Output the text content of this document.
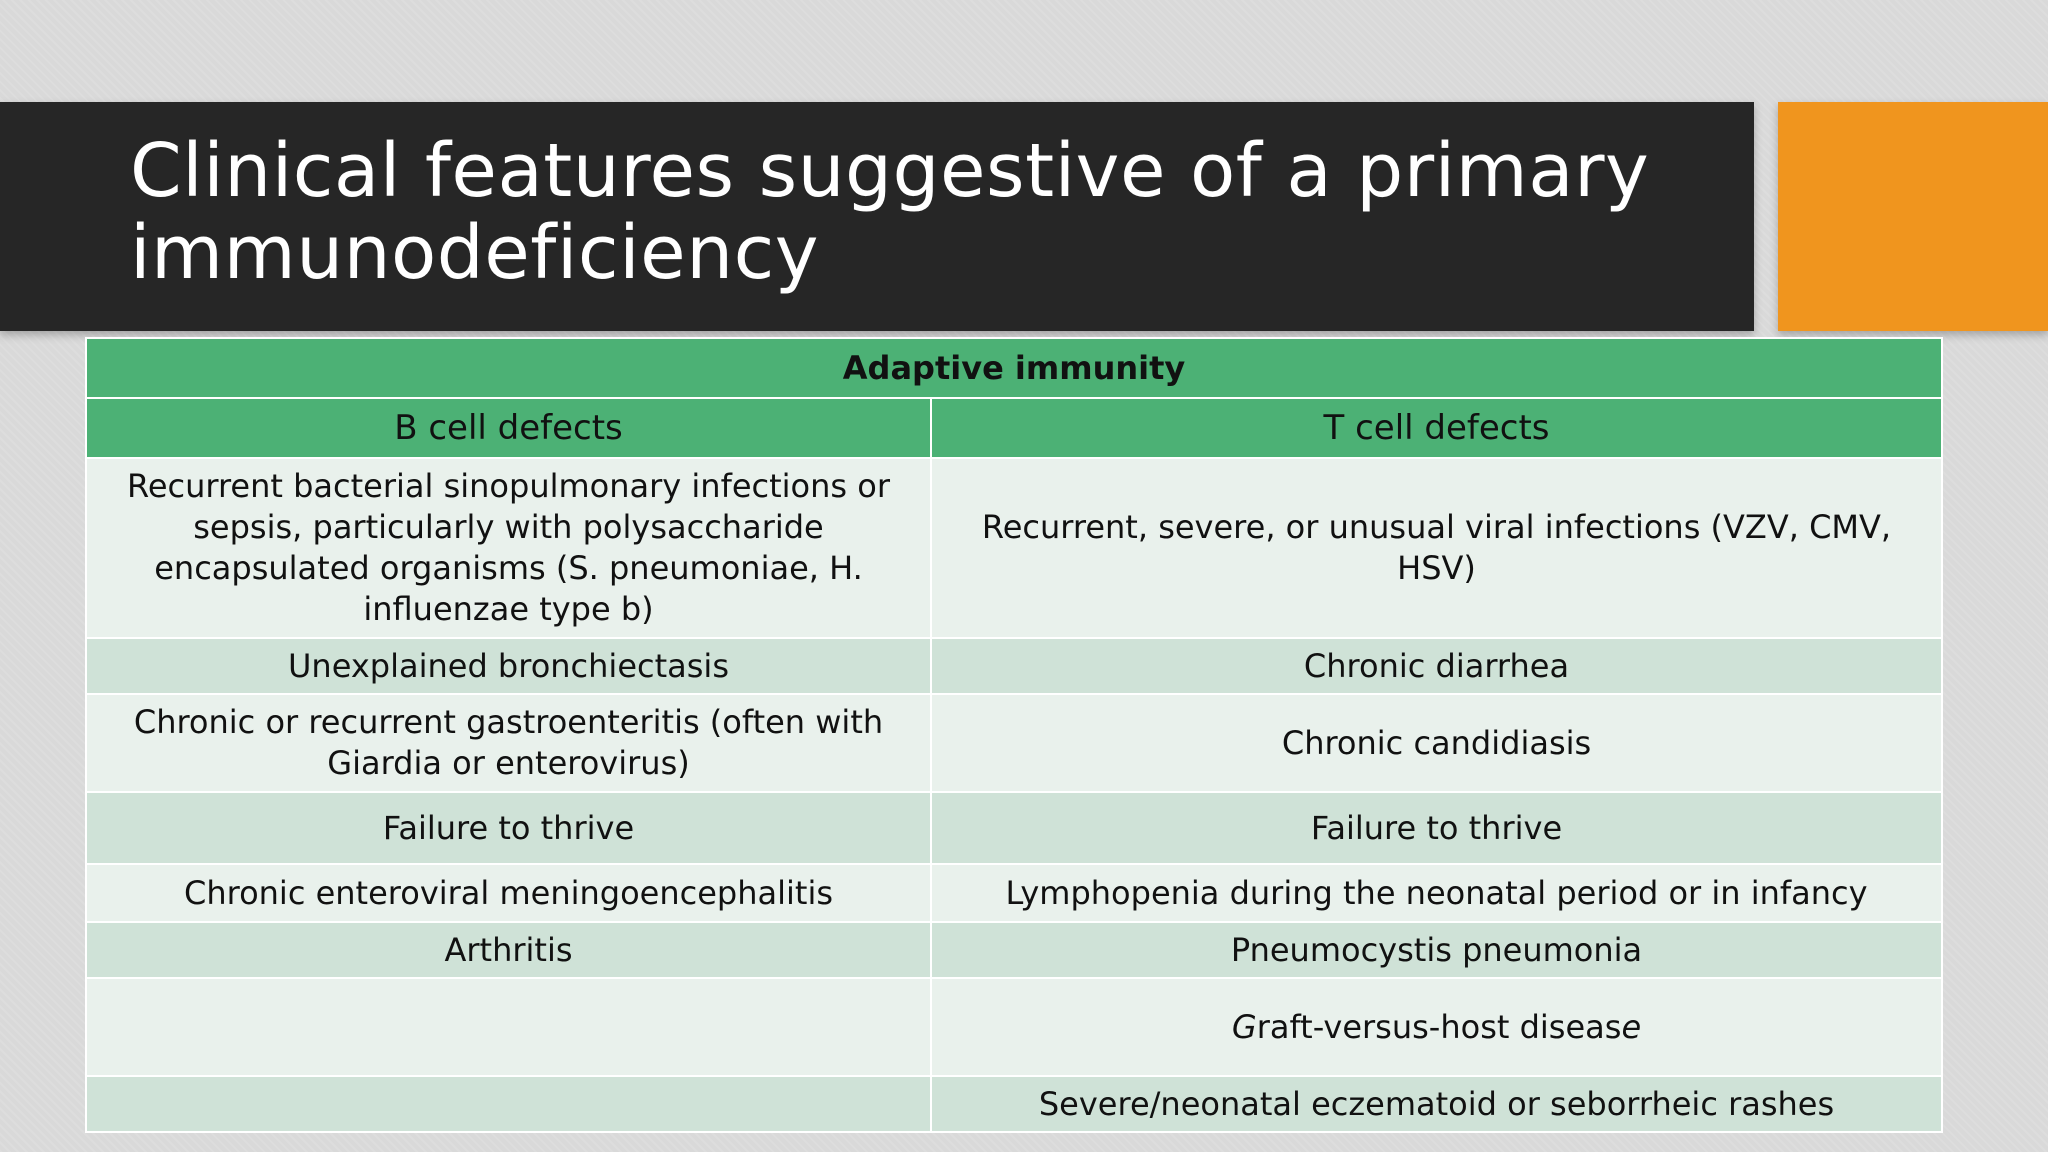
Clinical features suggestive of a primary
immunodeficiency
Adaptive immunity	
B cell defects	T cell defects
Recurrent bacterial sinopulmonary infections or sepsis, particularly with polysaccharide encapsulated organisms (S. pneumoniae, H. influenzae type b)	Recurrent, severe, or unusual viral infections (VZV, CMV, HSV)
Unexplained bronchiectasis	Chronic diarrhea
Chronic or recurrent gastroenteritis (often with Giardia or enterovirus)	Chronic candidiasis
Failure to thrive	Failure to thrive
Chronic enteroviral meningoencephalitis	Lymphopenia during the neonatal period or in infancy
Arthritis	Pneumocystis pneumonia
	Graft-versus-host disease
	Severe/neonatal eczematoid or seborrheic rashes
